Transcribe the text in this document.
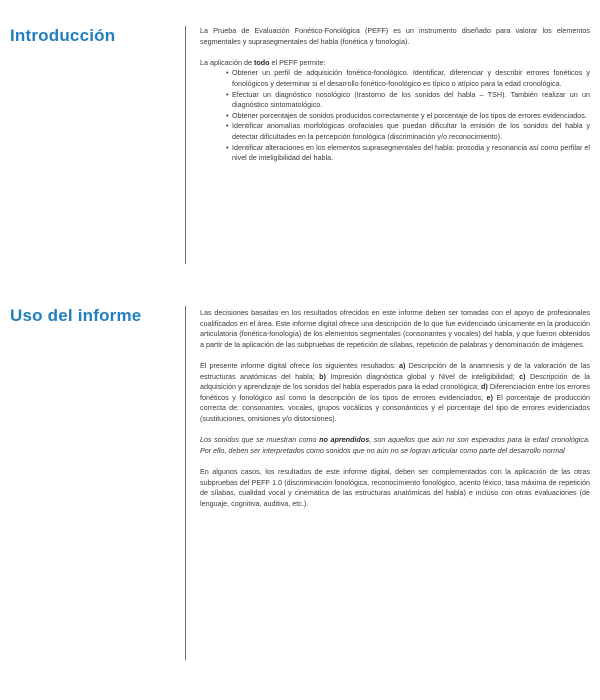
Introducción	La Prueba de Evaluación Fonético-Fonológica (PEFF) es un instrumento diseñado para valorar los elementos segmentales y suprasegmentales del habla (fonética y fonología).

La aplicación de todo el PEFF permite:

• Obtener un perfil de adquisición fonético-fonológico. Identificar, diferenciar y describir errores fonéticos y fonológicos y determinar si el desarrollo fonético-fonológico es típico o atípico para la edad cronológica.
• Efectuar un diagnóstico nosológico (trastorno de los sonidos del habla – TSH). También realizar un un diagnóstico sintomatológico.
• Obtener porcentajes de sonidos producidos correctamente y el porcentaje de los tipos de errores evidenciados.
• Identificar anomalías morfológicas orofaciales que puedan dificultar la emisión de los sonidos del habla y detectar dificultades en la percepción fonológica (discriminación y/o reconocimiento).
• Identificar alteraciones en los elementos suprasegmentales del habla: prosodia y resonancia así como perfilar el nivel de inteligibilidad del habla.
Uso del informe	Las decisiones basadas en los resultados ofrecidos en este informe deben ser tomadas con el apoyo de profesionales cualificados en el área. Este informe digital ofrece una descripción de lo que fue evidenciado únicamente en la producción articulatoria (fonética-fonología) de los elementos segmentales (consonantes y vocales) del habla, y que fueron obtenidos a partir de la aplicación de las subpruebas de repetición de sílabas, repetición de palabras y denominación de imágenes.

El presente informe digital ofrece los siguientes resultados: a) Descripción de la anamnesis y de la valoración de las estructuras anatómicas del habla; b) Impresión diagnóstica global y Nivel de inteligibilidad; c) Descripción de la adquisición y aprendizaje de los sonidos del habla esperados para la edad cronológica; d) Diferenciación entre los errores fonéticos y fonológico así como la descripción de los tipos de errores evidenciados; e) El porcentaje de producción correcta de: consonantes, vocales, grupos vocálicos y consonánticos y el porcentaje del tipo de errores evidenciados (sustituciones, omisiones y/o distorsiones).

Los sonidos que se muestran como no aprendidos, son aquellos que aún no son esperados para la edad cronológica. Por ello, deben ser interpretados como sonidos que no aún no se logran articular como parte del desarrollo normal

En algunos casos, los resultados de este informe digital, deben ser complementados con la aplicación de las otras subpruebas del PEFF 1.0 (discriminación fonológica, reconocimiento fonológico, acento léxico, tasa máxima de repetición de sílabas, cualidad vocal y cinemática de las estructuras anatómicas del habla) e incluso con otras evaluaciones (de lenguaje, cognitiva, auditiva, etc.).
